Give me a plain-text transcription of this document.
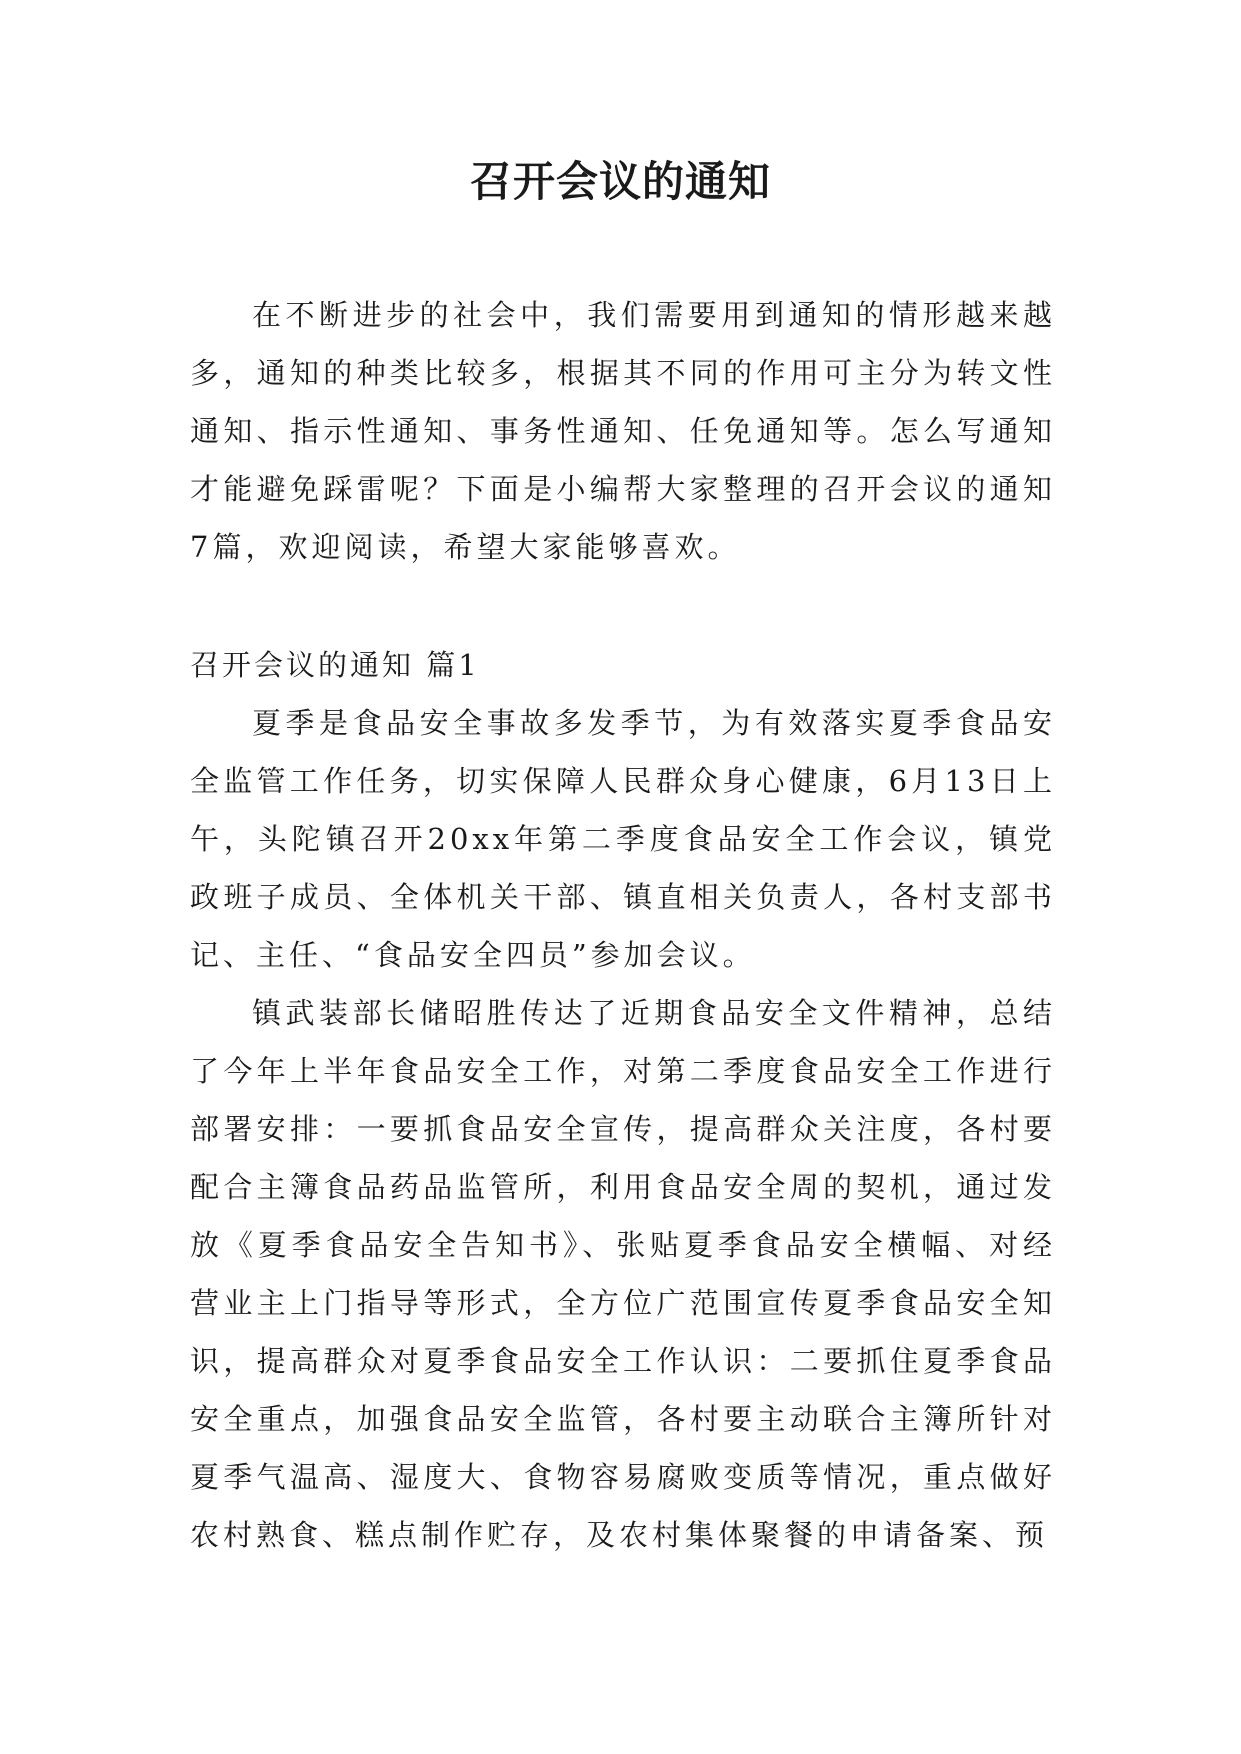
召开会议的通知

在不断进步的社会中，我们需要用到通知的情形越来越多，通知的种类比较多，根据其不同的作用可主分为转文性通知、指示性通知、事务性通知、任免通知等。怎么写通知才能避免踩雷呢？下面是小编帮大家整理的召开会议的通知7篇，欢迎阅读，希望大家能够喜欢。

召开会议的通知 篇1

夏季是食品安全事故多发季节，为有效落实夏季食品安全监管工作任务，切实保障人民群众身心健康，6月13日上午，头陀镇召开20xx年第二季度食品安全工作会议，镇党政班子成员、全体机关干部、镇直相关负责人，各村支部书记、主任、“食品安全四员”参加会议。

镇武装部长储昭胜传达了近期食品安全文件精神，总结了今年上半年食品安全工作，对第二季度食品安全工作进行部署安排：一要抓食品安全宣传，提高群众关注度，各村要配合主簿食品药品监管所，利用食品安全周的契机，通过发放《夏季食品安全告知书》、张贴夏季食品安全横幅、对经营业主上门指导等形式，全方位广范围宣传夏季食品安全知识，提高群众对夏季食品安全工作认识：二要抓住夏季食品安全重点，加强食品安全监管，各村要主动联合主簿所针对夏季气温高、湿度大、食物容易腐败变质等情况，重点做好农村熟食、糕点制作贮存，及农村集体聚餐的申请备案、预
